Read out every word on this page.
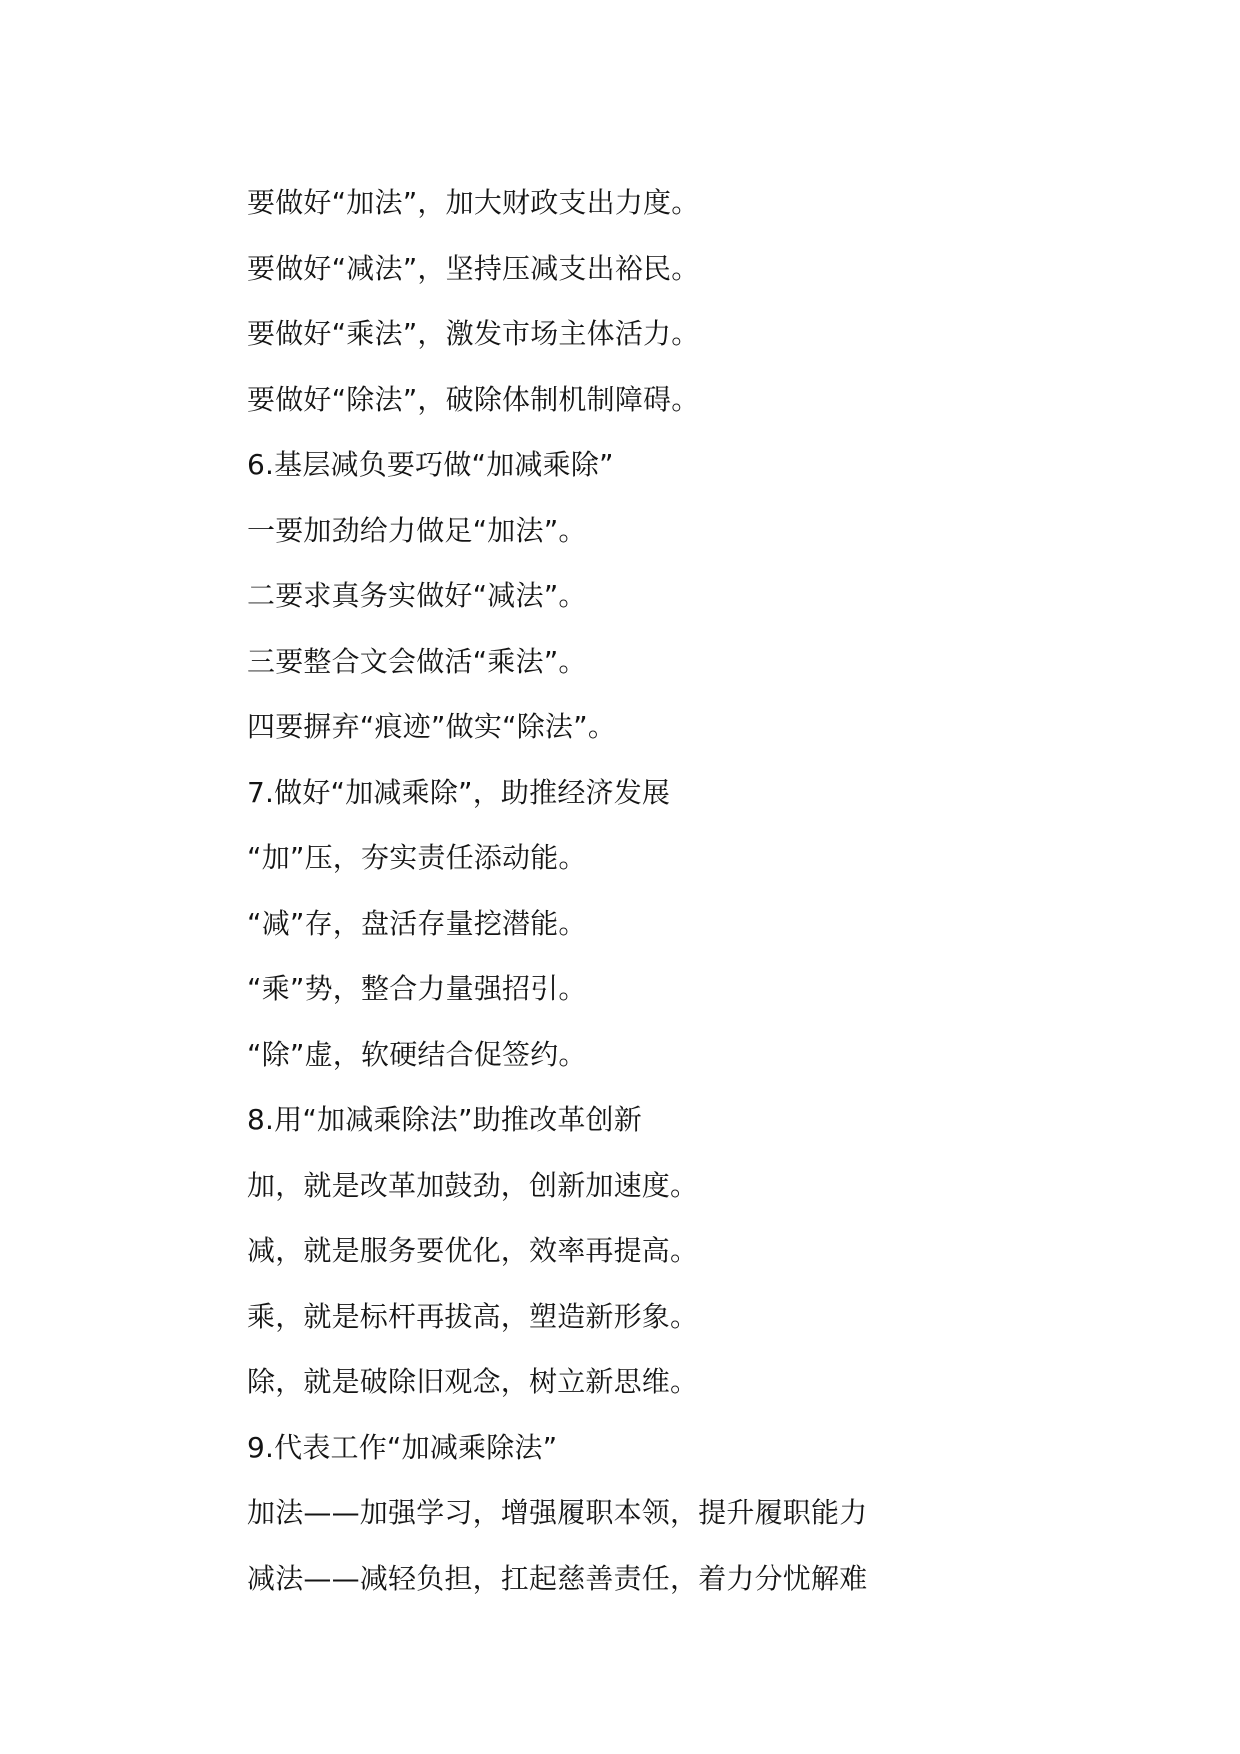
要做好“加法”，加大财政支出力度。
要做好“减法”，坚持压减支出裕民。
要做好“乘法”，激发市场主体活力。
要做好“除法”，破除体制机制障碍。
6.基层减负要巧做“加减乘除”
一要加劲给力做足“加法”。
二要求真务实做好“减法”。
三要整合文会做活“乘法”。
四要摒弃“痕迹”做实“除法”。
7.做好“加减乘除”，助推经济发展
“加”压，夯实责任添动能。
“减”存，盘活存量挖潜能。
“乘”势，整合力量强招引。
“除”虚，软硬结合促签约。
8.用“加减乘除法”助推改革创新
加，就是改革加鼓劲，创新加速度。
减，就是服务要优化，效率再提高。
乘，就是标杆再拔高，塑造新形象。
除，就是破除旧观念，树立新思维。
9.代表工作“加减乘除法”
加法——加强学习，增强履职本领，提升履职能力
减法——减轻负担，扛起慈善责任，着力分忧解难
